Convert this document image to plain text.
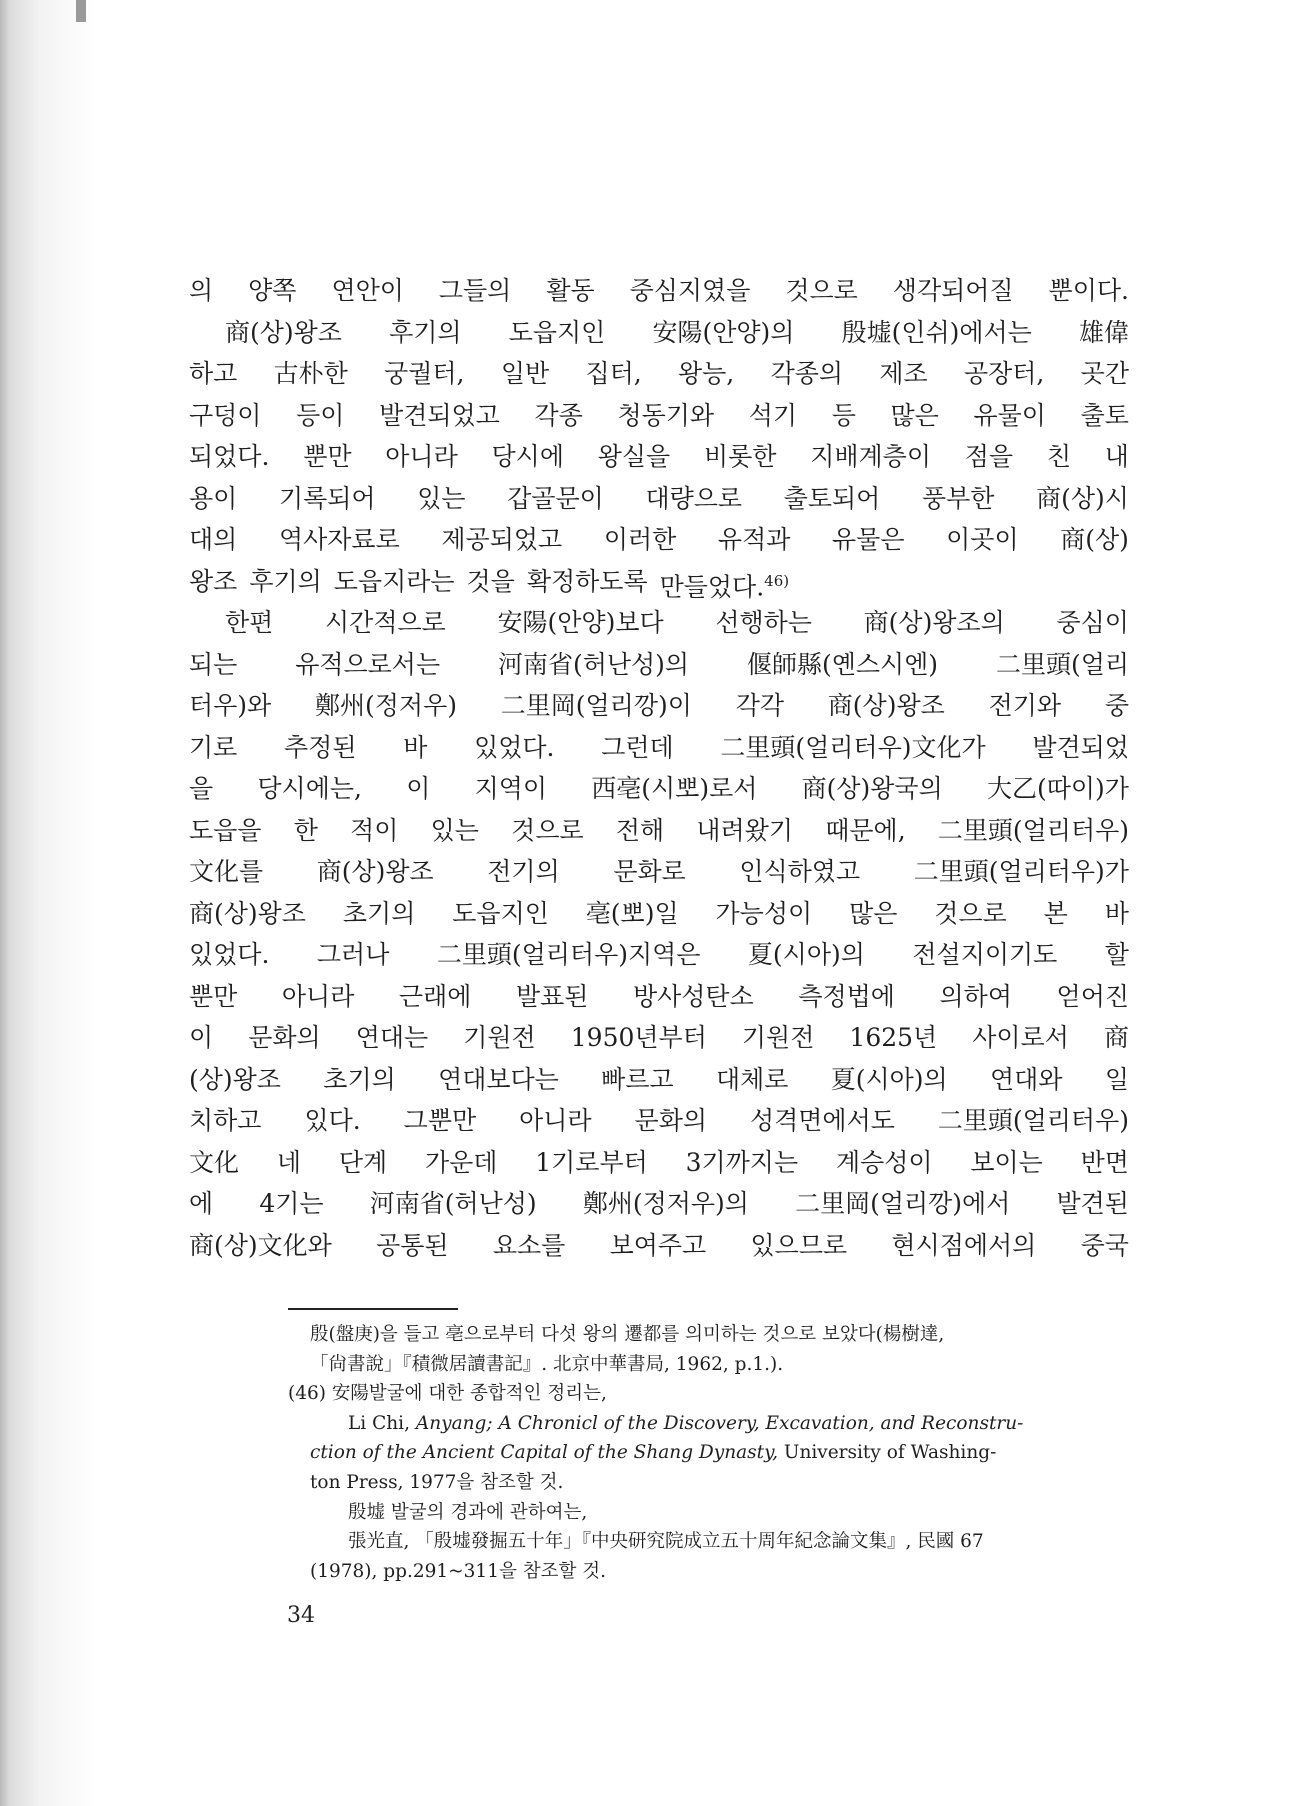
의 양쪽 연안이 그들의 활동 중심지였을 것으로 생각되어질 뿐이다.
商(상)왕조 후기의 도읍지인 安陽(안양)의 殷墟(인쉬)에서는 雄偉
하고 古朴한 궁궐터, 일반 집터, 왕능, 각종의 제조 공장터, 곳간
구덩이 등이 발견되었고 각종 청동기와 석기 등 많은 유물이 출토
되었다. 뿐만 아니라 당시에 왕실을 비롯한 지배계층이 점을 친 내
용이 기록되어 있는 갑골문이 대량으로 출토되어 풍부한 商(상)시
대의 역사자료로 제공되었고 이러한 유적과 유물은 이곳이 商(상)
왕조 후기의 도읍지라는 것을 확정하도록 만들었다.$^{46)}$
한편 시간적으로 安陽(안양)보다 선행하는 商(상)왕조의 중심이
되는 유적으로서는 河南省(허난성)의 偃師縣(옌스시엔) 二里頭(얼리
터우)와 鄭州(정저우) 二里岡(얼리깡)이 각각 商(상)왕조 전기와 중
기로 추정된 바 있었다. 그런데 二里頭(얼리터우)文化가 발견되었
을 당시에는, 이 지역이 西亳(시뽀)로서 商(상)왕국의 大乙(따이)가
도읍을 한 적이 있는 것으로 전해 내려왔기 때문에, 二里頭(얼리터우)
文化를 商(상)왕조 전기의 문화로 인식하였고 二里頭(얼리터우)가
商(상)왕조 초기의 도읍지인 亳(뽀)일 가능성이 많은 것으로 본 바
있었다. 그러나 二里頭(얼리터우)지역은 夏(시아)의 전설지이기도 할
뿐만 아니라 근래에 발표된 방사성탄소 측정법에 의하여 얻어진
이 문화의 연대는 기원전 1950년부터 기원전 1625년 사이로서 商
(상)왕조 초기의 연대보다는 빠르고 대체로 夏(시아)의 연대와 일
치하고 있다. 그뿐만 아니라 문화의 성격면에서도 二里頭(얼리터우)
文化 네 단계 가운데 1기로부터 3기까지는 계승성이 보이는 반면
에 4기는 河南省(허난성) 鄭州(정저우)의 二里岡(얼리깡)에서 발견된
商(상)文化와 공통된 요소를 보여주고 있으므로 현시점에서의 중국
殷(盤庚)을 들고 亳으로부터 다섯 왕의 遷都를 의미하는 것으로 보았다(楊樹達,
「尙書說」『積微居讀書記』. 北京中華書局, 1962, p.1.).
(46) 安陽발굴에 대한 종합적인 정리는,
Li Chi, Anyang; A Chronicl of the Discovery, Excavation, and Reconstru-
ction of the Ancient Capital of the Shang Dynasty, University of Washing-
ton Press, 1977을 참조할 것.
殷墟 발굴의 경과에 관하여는,
張光直, 「殷墟發掘五十年」『中央研究院成立五十周年紀念論文集』, 民國 67
(1978), pp.291~311을 참조할 것.
34
